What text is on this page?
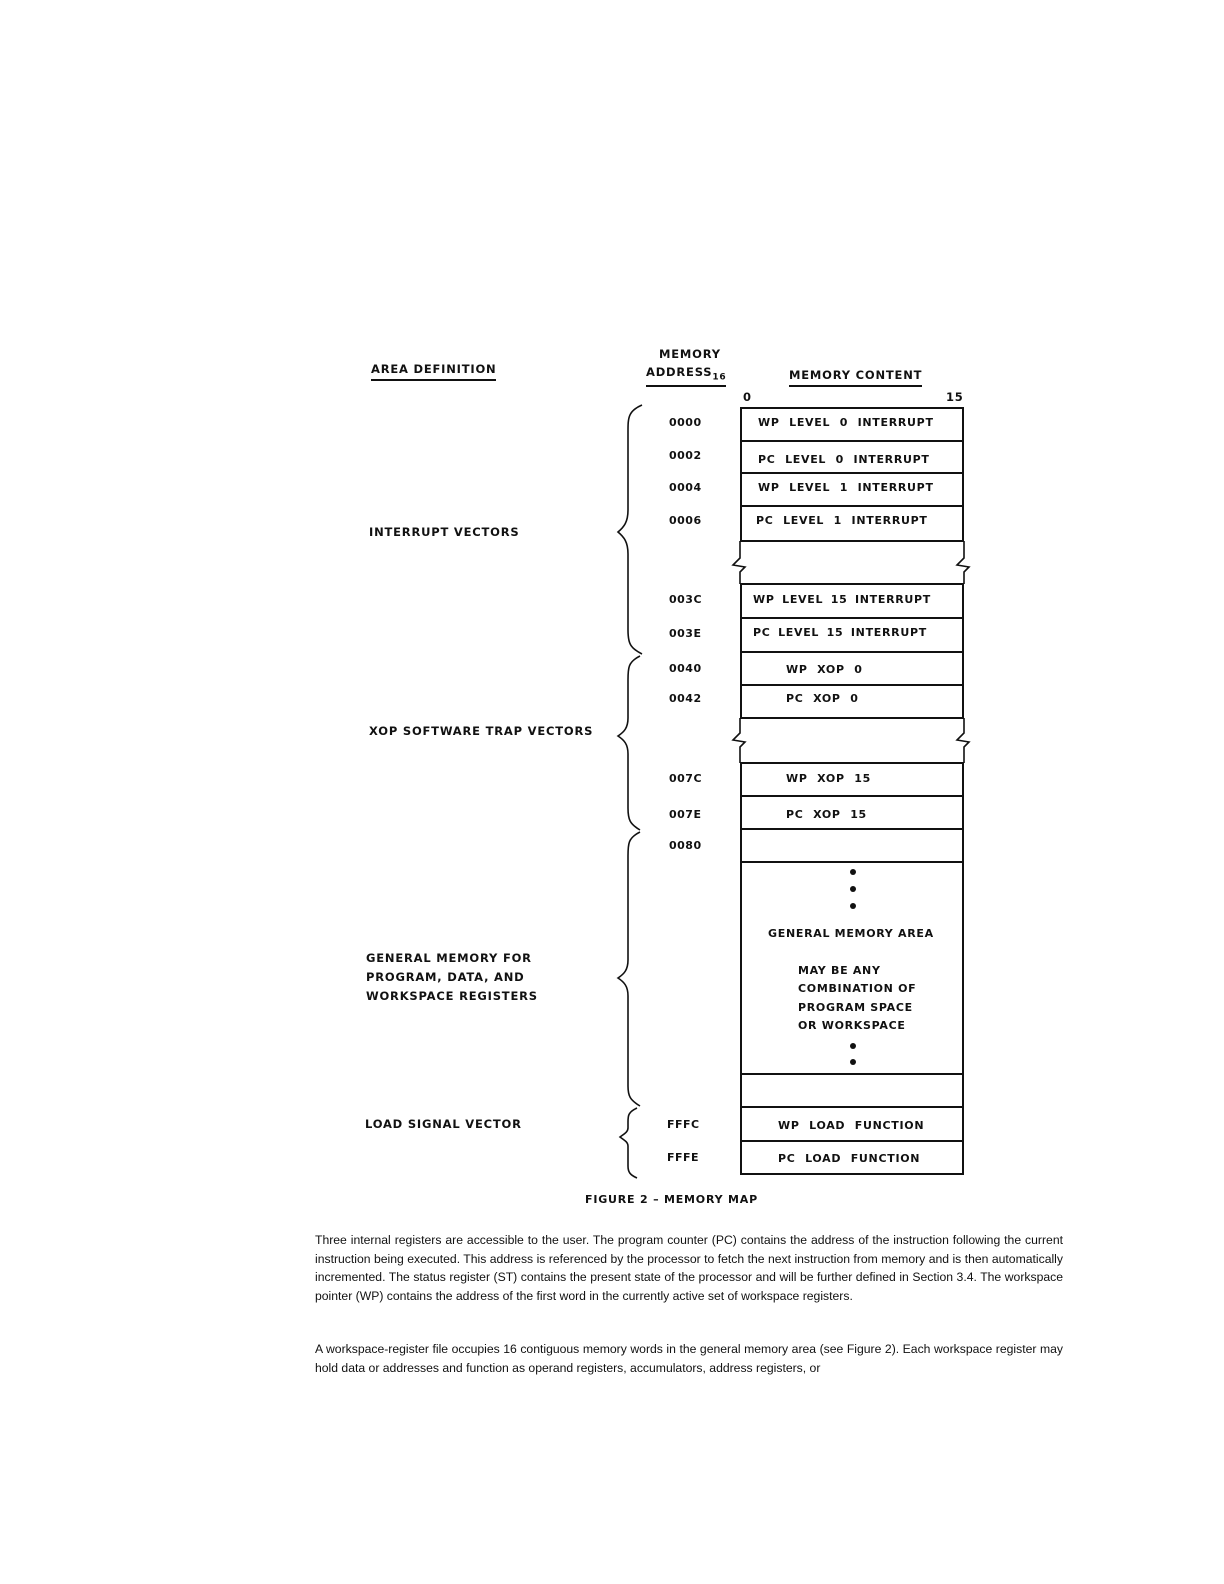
AREA DEFINITION
MEMORY
$ADDRESS_{16}$	MEMORY CONTENT
0	15
INTERRUPT VECTORS
XOP SOFTWARE TRAP VECTORS
GENERAL MEMORY FOR
PROGRAM, DATA, AND
WORKSPACE REGISTERS
LOAD SIGNAL VECTOR
0000
0002
0004
0006
003C
003E
0040
0042
007C
007E
0080
FFFC
FFFE
WP LEVEL 0 INTERRUPT
PC LEVEL 0 INTERRUPT
WP LEVEL 1 INTERRUPT
PC LEVEL 1 INTERRUPT
WP LEVEL 15 INTERRUPT
PC LEVEL 15 INTERRUPT
WP XOP 0
PC XOP 0
WP XOP 15
PC XOP 15
GENERAL MEMORY AREA
MAY BE ANY
COMBINATION OF
PROGRAM SPACE
OR WORKSPACE
WP LOAD FUNCTION
PC LOAD FUNCTION
FIGURE 2 – MEMORY MAP
Three internal registers are accessible to the user. The program counter (PC) contains the address of the instruction following the current instruction being executed. This address is referenced by the processor to fetch the next instruction from memory and is then automatically incremented. The status register (ST) contains the present state of the processor and will be further defined in Section 3.4. The workspace pointer (WP) contains the address of the first word in the currently active set of workspace registers.
A workspace-register file occupies 16 contiguous memory words in the general memory area (see Figure 2). Each workspace register may hold data or addresses and function as operand registers, accumulators, address registers, or
